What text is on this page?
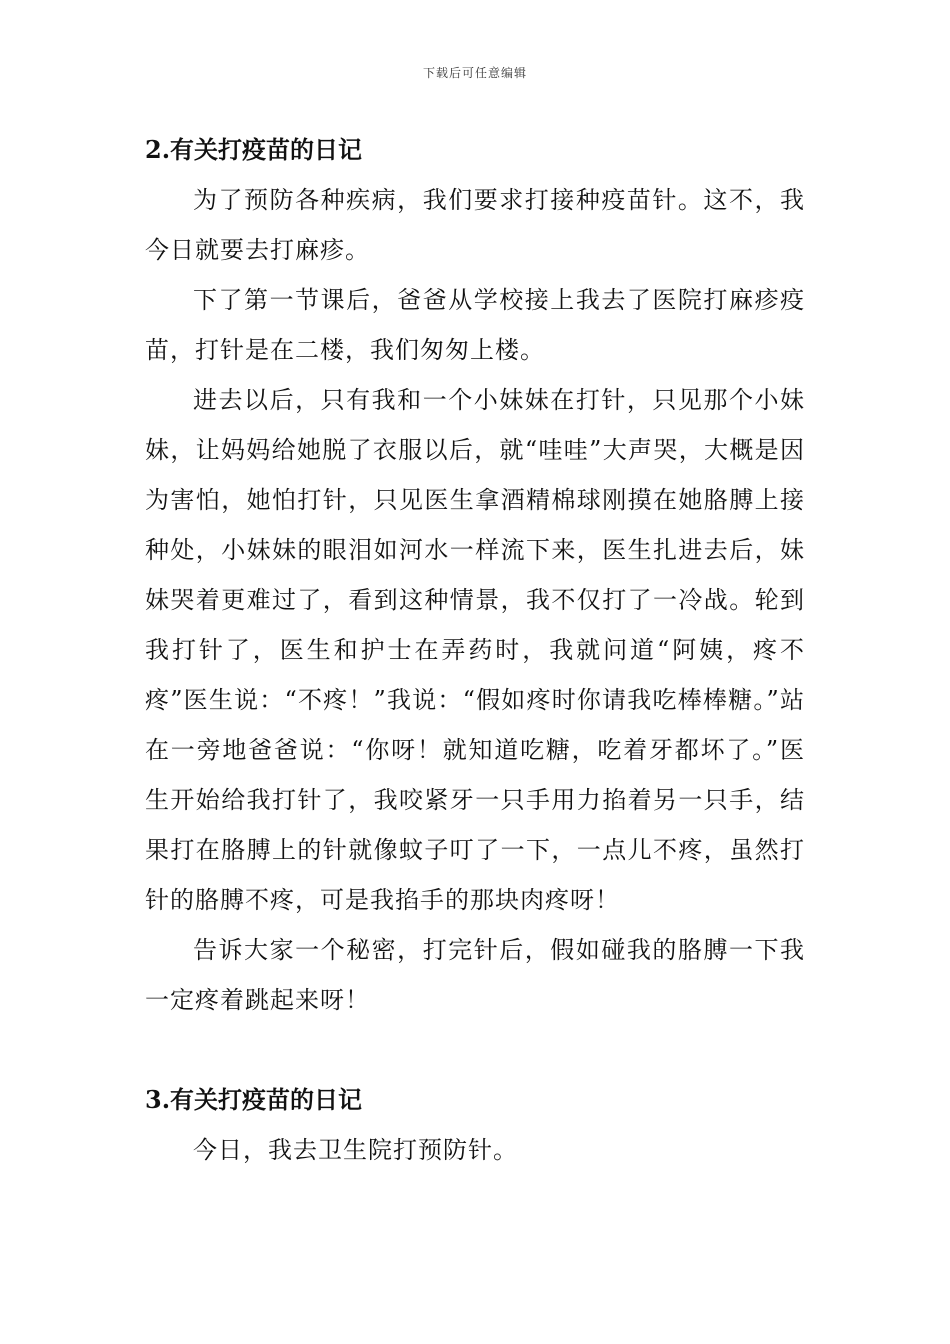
下载后可任意编辑
2.有关打疫苗的日记

为了预防各种疾病，我们要求打接种疫苗针。这不，我今日就要去打麻疹。

下了第一节课后，爸爸从学校接上我去了医院打麻疹疫苗，打针是在二楼，我们匆匆上楼。

进去以后，只有我和一个小妹妹在打针，只见那个小妹妹，让妈妈给她脱了衣服以后，就“哇哇”大声哭，大概是因为害怕，她怕打针，只见医生拿酒精棉球刚摸在她胳膊上接种处，小妹妹的眼泪如河水一样流下来，医生扎进去后，妹妹哭着更难过了，看到这种情景，我不仅打了一冷战。轮到我打针了，医生和护士在弄药时，我就问道“阿姨，疼不疼”医生说：“不疼！”我说：“假如疼时你请我吃棒棒糖。”站在一旁地爸爸说：“你呀！就知道吃糖，吃着牙都坏了。”医生开始给我打针了，我咬紧牙一只手用力掐着另一只手，结果打在胳膊上的针就像蚊子叮了一下，一点儿不疼，虽然打针的胳膊不疼，可是我掐手的那块肉疼呀！

告诉大家一个秘密，打完针后，假如碰我的胳膊一下我一定疼着跳起来呀！

3.有关打疫苗的日记

今日，我去卫生院打预防针。
